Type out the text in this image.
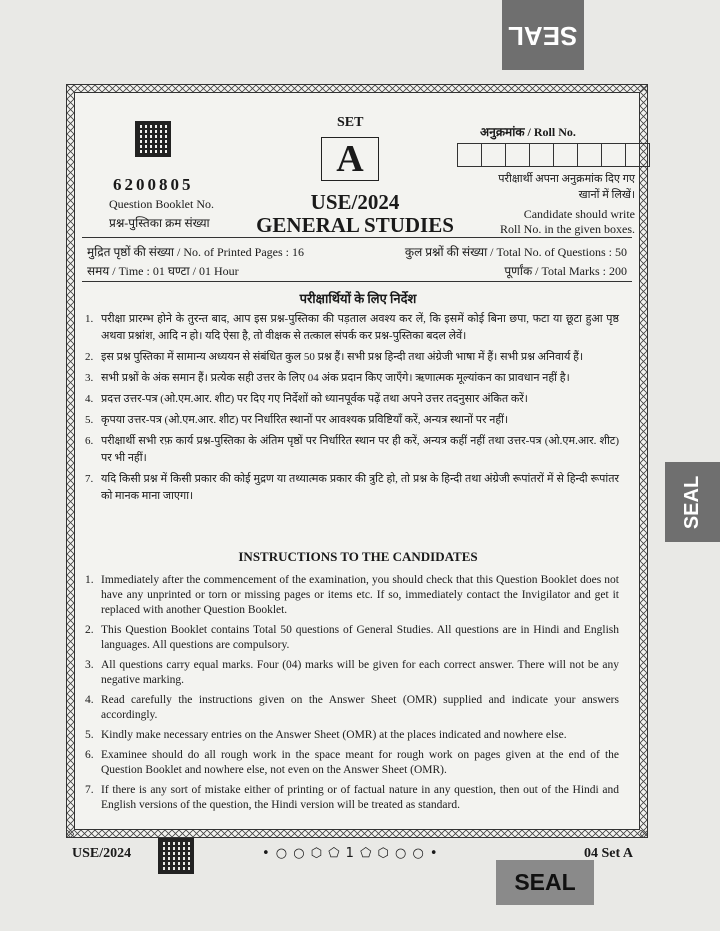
SEAL
SEAL
SEAL
6200805
Question Booklet No.
प्रश्न-पुस्तिका क्रम संख्या
SET
A
USE/2024
GENERAL STUDIES
अनुक्रमांक / Roll No.
परीक्षार्थी अपना अनुक्रमांक दिए गए
खानों में लिखें।
Candidate should write
Roll No. in the given boxes.
मुद्रित पृष्ठों की संख्या / No. of Printed Pages : 16
समय / Time : 01 घण्टा / 01 Hour
कुल प्रश्नों की संख्या / Total No. of Questions : 50
पूर्णांक / Total Marks : 200
परीक्षार्थियों के लिए निर्देश
1. परीक्षा प्रारम्भ होने के तुरन्त बाद, आप इस प्रश्न-पुस्तिका की पड़ताल अवश्य कर लें, कि इसमें कोई बिना छपा, फटा या छूटा हुआ पृष्ठ अथवा प्रश्नांश, आदि न हो। यदि ऐसा है, तो वीक्षक से तत्काल संपर्क कर प्रश्न-पुस्तिका बदल लेवें।
2. इस प्रश्न पुस्तिका में सामान्य अध्ययन से संबंधित कुल 50 प्रश्न हैं। सभी प्रश्न हिन्दी तथा अंग्रेजी भाषा में हैं। सभी प्रश्न अनिवार्य हैं।
3. सभी प्रश्नों के अंक समान हैं। प्रत्येक सही उत्तर के लिए 04 अंक प्रदान किए जाएँगे। ऋणात्मक मूल्यांकन का प्रावधान नहीं है।
4. प्रदत्त उत्तर-पत्र (ओ.एम.आर. शीट) पर दिए गए निर्देशों को ध्यानपूर्वक पढ़ें तथा अपने उत्तर तदनुसार अंकित करें।
5. कृपया उत्तर-पत्र (ओ.एम.आर. शीट) पर निर्धारित स्थानों पर आवश्यक प्रविष्टियाँ करें, अन्यत्र स्थानों पर नहीं।
6. परीक्षार्थी सभी रफ़ कार्य प्रश्न-पुस्तिका के अंतिम पृष्ठों पर निर्धारित स्थान पर ही करें, अन्यत्र कहीं नहीं तथा उत्तर-पत्र (ओ.एम.आर. शीट) पर भी नहीं।
7. यदि किसी प्रश्न में किसी प्रकार की कोई मुद्रण या तथ्यात्मक प्रकार की त्रुटि हो, तो प्रश्न के हिन्दी तथा अंग्रेजी रूपांतरों में से हिन्दी रूपांतर को मानक माना जाएगा।
INSTRUCTIONS TO THE CANDIDATES
1. Immediately after the commencement of the examination, you should check that this Question Booklet does not have any unprinted or torn or missing pages or items etc. If so, immediately contact the Invigilator and get it replaced with another Question Booklet.
2. This Question Booklet contains Total 50 questions of General Studies. All questions are in Hindi and English languages. All questions are compulsory.
3. All questions carry equal marks. Four (04) marks will be given for each correct answer. There will not be any negative marking.
4. Read carefully the instructions given on the Answer Sheet (OMR) supplied and indicate your answers accordingly.
5. Kindly make necessary entries on the Answer Sheet (OMR) at the places indicated and nowhere else.
6. Examinee should do all rough work in the space meant for rough work on pages given at the end of the Question Booklet and nowhere else, not even on the Answer Sheet (OMR).
7. If there is any sort of mistake either of printing or of factual nature in any question, then out of the Hindi and English versions of the question, the Hindi version will be treated as standard.
USE/2024	• ○ ○ ⬡ ⬠ 1 ⬠ ⬡ ○ ○ •	04 Set A
